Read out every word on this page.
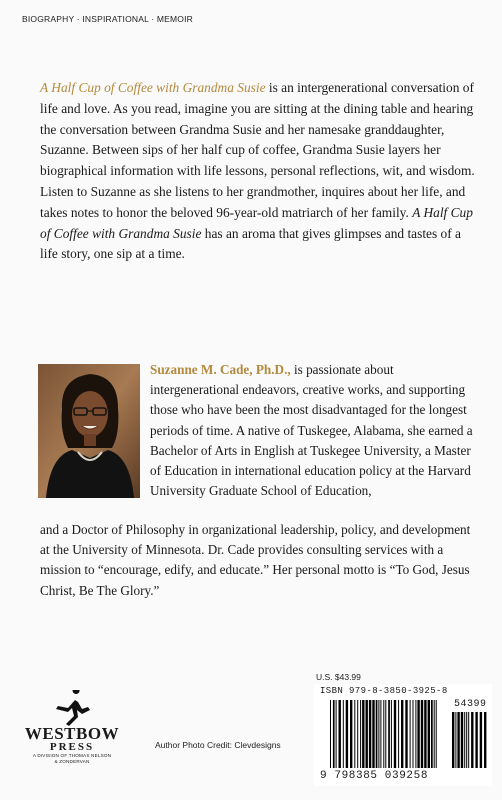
BIOGRAPHY · INSPIRATIONAL · MEMOIR

A Half Cup of Coffee with Grandma Susie is an intergenerational conversation of life and love. As you read, imagine you are sitting at the dining table and hearing the conversation between Grandma Susie and her namesake granddaughter, Suzanne. Between sips of her half cup of coffee, Grandma Susie layers her biographical information with life lessons, personal reflections, wit, and wisdom. Listen to Suzanne as she listens to her grandmother, inquires about her life, and takes notes to honor the beloved 96-year-old matriarch of her family. A Half Cup of Coffee with Grandma Susie has an aroma that gives glimpses and tastes of a life story, one sip at a time.

Suzanne M. Cade, Ph.D., is passionate about intergenerational endeavors, creative works, and supporting those who have been the most disadvantaged for the longest periods of time. A native of Tuskegee, Alabama, she earned a Bachelor of Arts in English at Tuskegee University, a Master of Education in international education policy at the Harvard University Graduate School of Education,

and a Doctor of Philosophy in organizational leadership, policy, and development at the University of Minnesota. Dr. Cade provides consulting services with a mission to “encourage, edify, and educate.” Her personal motto is “To God, Jesus Christ, Be The Glory.”

WESTBOW
PRESS
A DIVISION OF THOMAS NELSON
& ZONDERVAN
Author Photo Credit: Clevdesigns
U.S. $43.99
ISBN 979-8-3850-3925-8
54399
9 798385 039258
